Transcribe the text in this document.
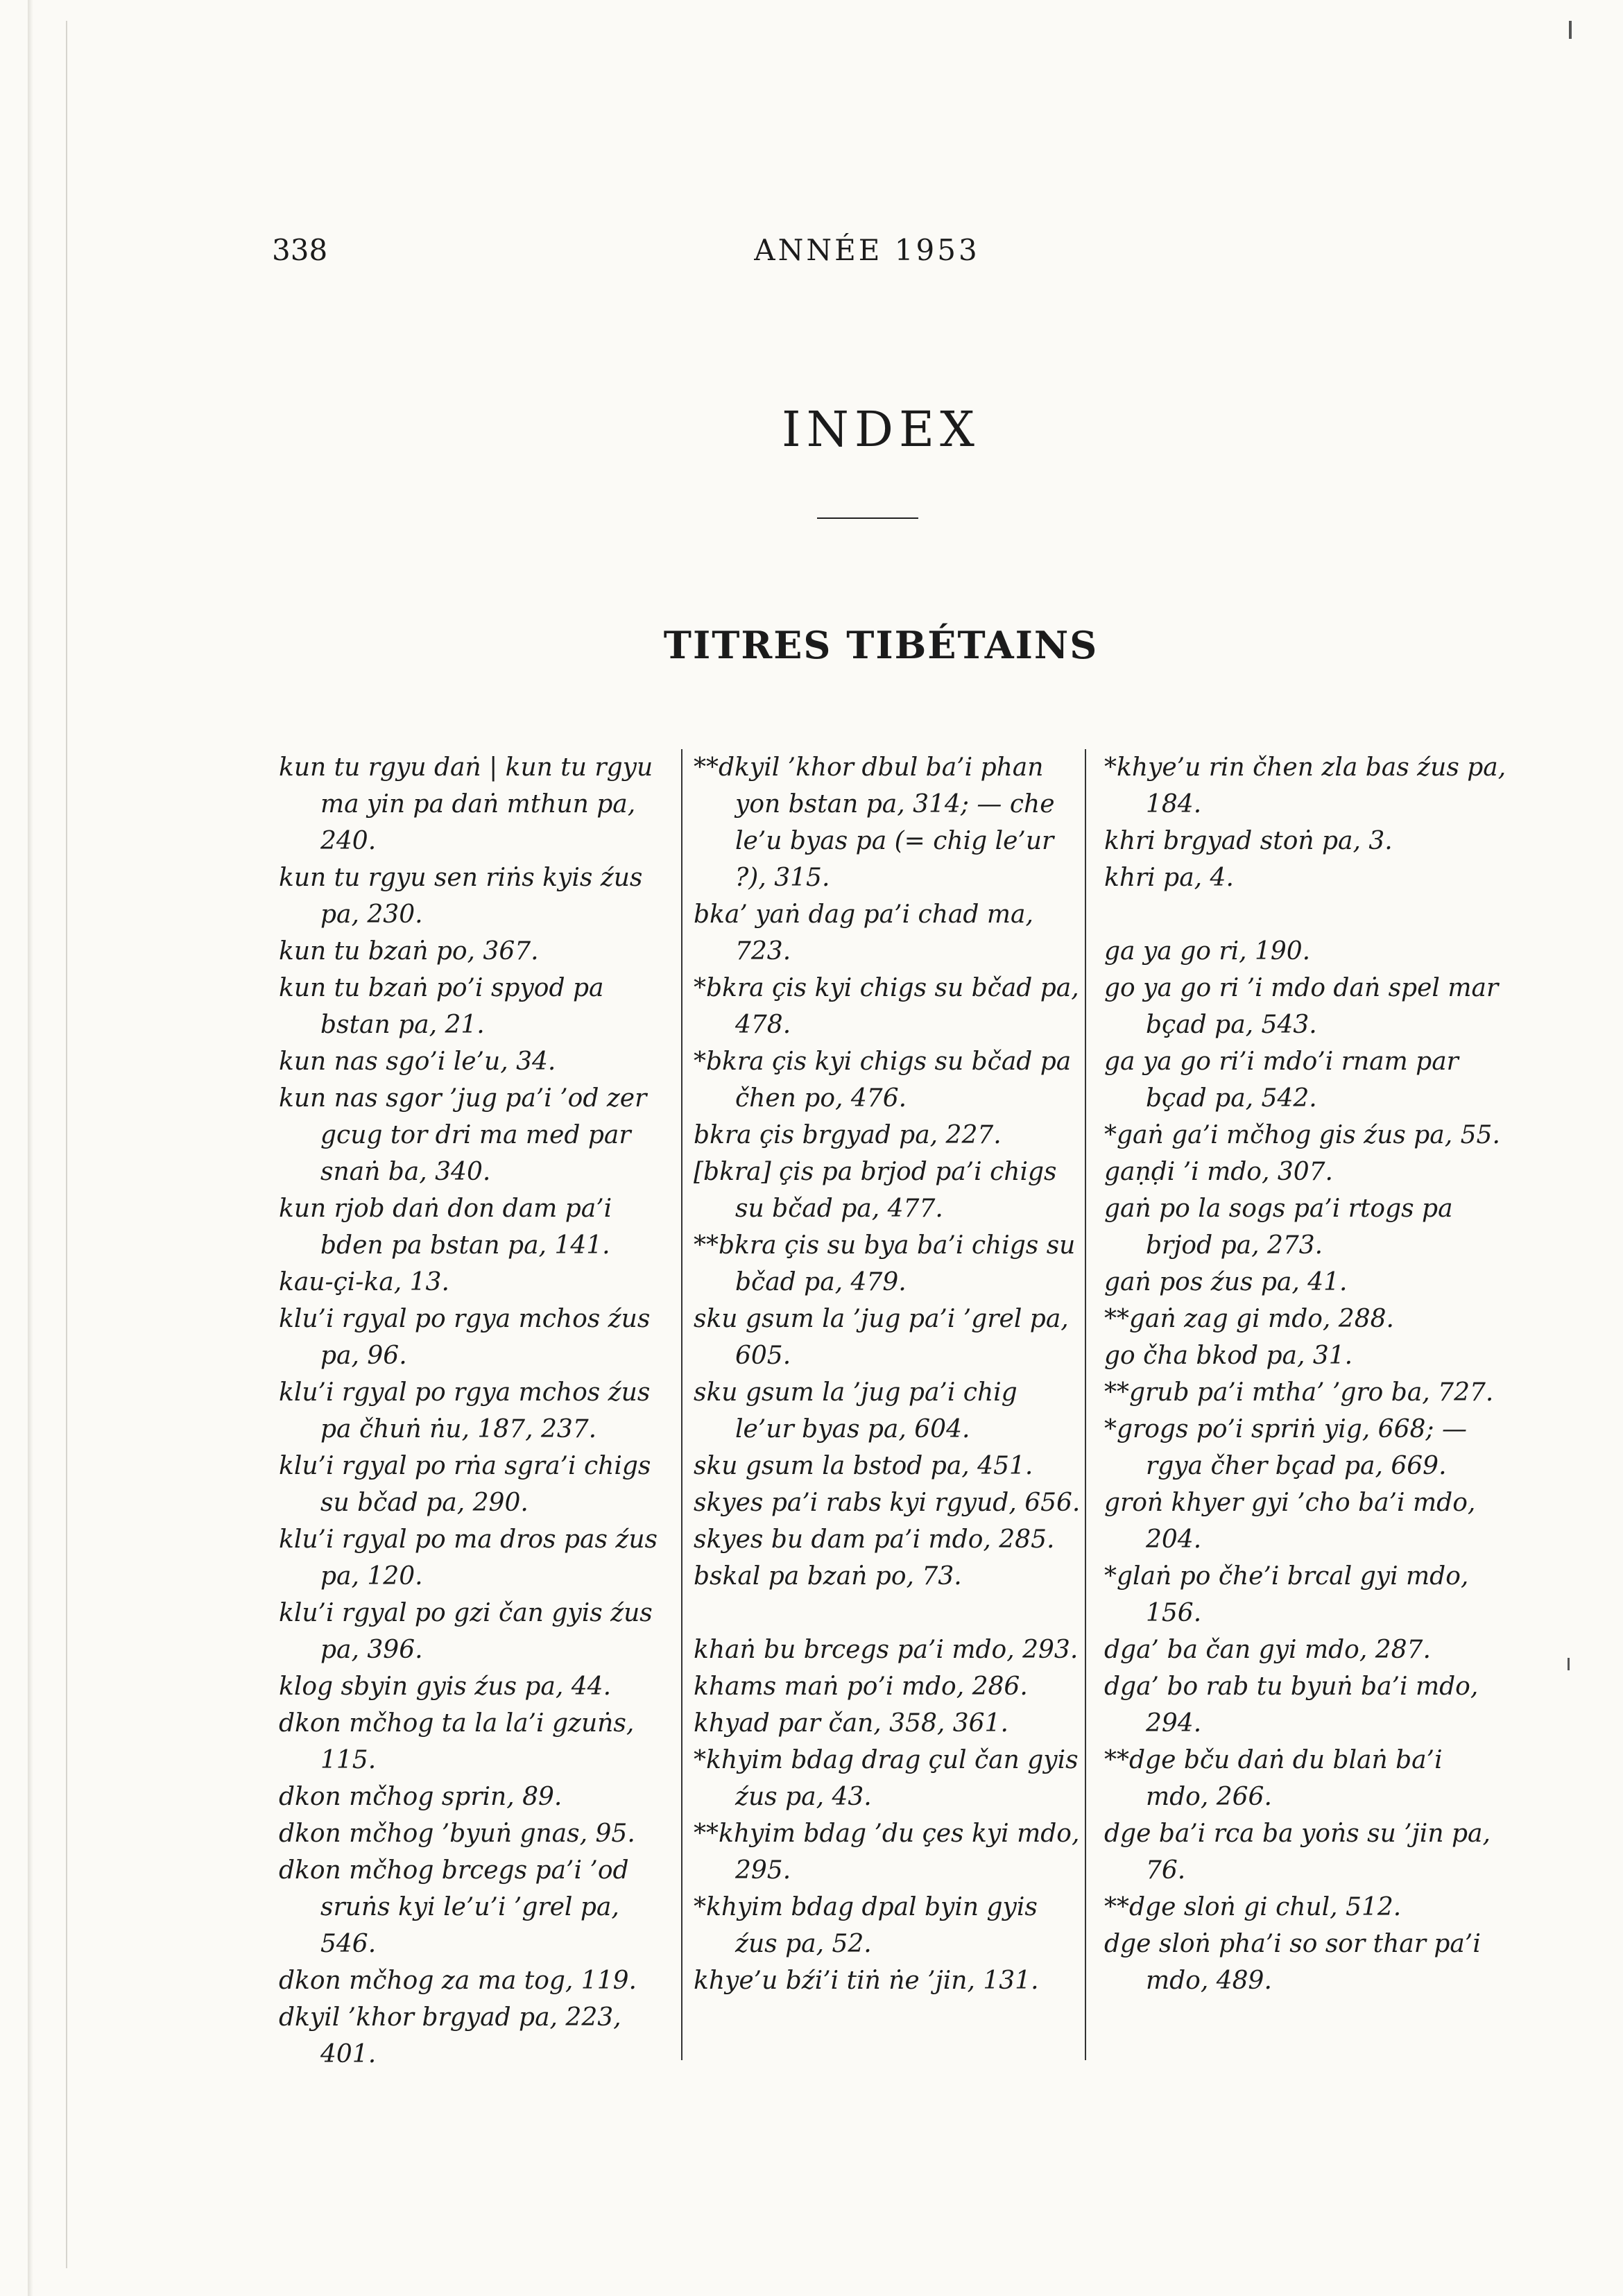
338	ANNÉE 1953
INDEX
TITRES TIBÉTAINS

kun tu rgyu daṅ | kun tu rgyu ma yin pa daṅ mthun pa, 240.

kun tu rgyu sen riṅs kyis źus pa, 230.

kun tu bzaṅ po, 367.

kun tu bzaṅ po’i spyod pa bstan pa, 21.

kun nas sgo’i le’u, 34.

kun nas sgor ’jug pa’i ’od zer gcug tor dri ma med par snaṅ ba, 340.

kun rjob daṅ don dam pa’i bden pa bstan pa, 141.

kau-çi-ka, 13.

klu’i rgyal po rgya mchos źus pa, 96.

klu’i rgyal po rgya mchos źus pa čhuṅ ṅu, 187, 237.

klu’i rgyal po rṅa sgra’i chigs su bčad pa, 290.

klu’i rgyal po ma dros pas źus pa, 120.

klu’i rgyal po gzi čan gyis źus pa, 396.

klog sbyin gyis źus pa, 44.

dkon mčhog ta la la’i gzuṅs, 115.

dkon mčhog sprin, 89.

dkon mčhog ’byuṅ gnas, 95.

dkon mčhog brcegs pa’i ’od sruṅs kyi le’u’i ’grel pa, 546.

dkon mčhog za ma tog, 119.

dkyil ’khor brgyad pa, 223, 401.

**dkyil ’khor dbul ba’i phan yon bstan pa, 314; — che le’u byas pa (= chig le’ur ?), 315.

bka’ yaṅ dag pa’i chad ma, 723.

*bkra çis kyi chigs su bčad pa, 478.

*bkra çis kyi chigs su bčad pa čhen po, 476.

bkra çis brgyad pa, 227.

[bkra] çis pa brjod pa’i chigs su bčad pa, 477.

**bkra çis su bya ba’i chigs su bčad pa, 479.

sku gsum la ’jug pa’i ’grel pa, 605.

sku gsum la ’jug pa’i chig le’ur byas pa, 604.

sku gsum la bstod pa, 451.

skyes pa’i rabs kyi rgyud, 656.

skyes bu dam pa’i mdo, 285.

bskal pa bzaṅ po, 73.

khaṅ bu brcegs pa’i mdo, 293.

khams maṅ po’i mdo, 286.

khyad par čan, 358, 361.

*khyim bdag drag çul čan gyis źus pa, 43.

**khyim bdag ’du çes kyi mdo, 295.

*khyim bdag dpal byin gyis źus pa, 52.

khye’u bźi’i tiṅ ṅe ’jin, 131.

*khye’u rin čhen zla bas źus pa, 184.

khri brgyad stoṅ pa, 3.

khri pa, 4.

ga ya go ri, 190.

go ya go ri ’i mdo daṅ spel mar bçad pa, 543.

ga ya go ri’i mdo’i rnam par bçad pa, 542.

*gaṅ ga’i mčhog gis źus pa, 55.

gaṇḍi ’i mdo, 307.

gaṅ po la sogs pa’i rtogs pa brjod pa, 273.

gaṅ pos źus pa, 41.

**gaṅ zag gi mdo, 288.

go čha bkod pa, 31.

**grub pa’i mtha’ ’gro ba, 727.

*grogs po’i spriṅ yig, 668; — rgya čher bçad pa, 669.

groṅ khyer gyi ’cho ba’i mdo, 204.

*glaṅ po čhe’i brcal gyi mdo, 156.

dga’ ba čan gyi mdo, 287.

dga’ bo rab tu byuṅ ba’i mdo, 294.

**dge bču daṅ du blaṅ ba’i mdo, 266.

dge ba’i rca ba yoṅs su ’jin pa, 76.

**dge sloṅ gi chul, 512.

dge sloṅ pha’i so sor thar pa’i mdo, 489.
